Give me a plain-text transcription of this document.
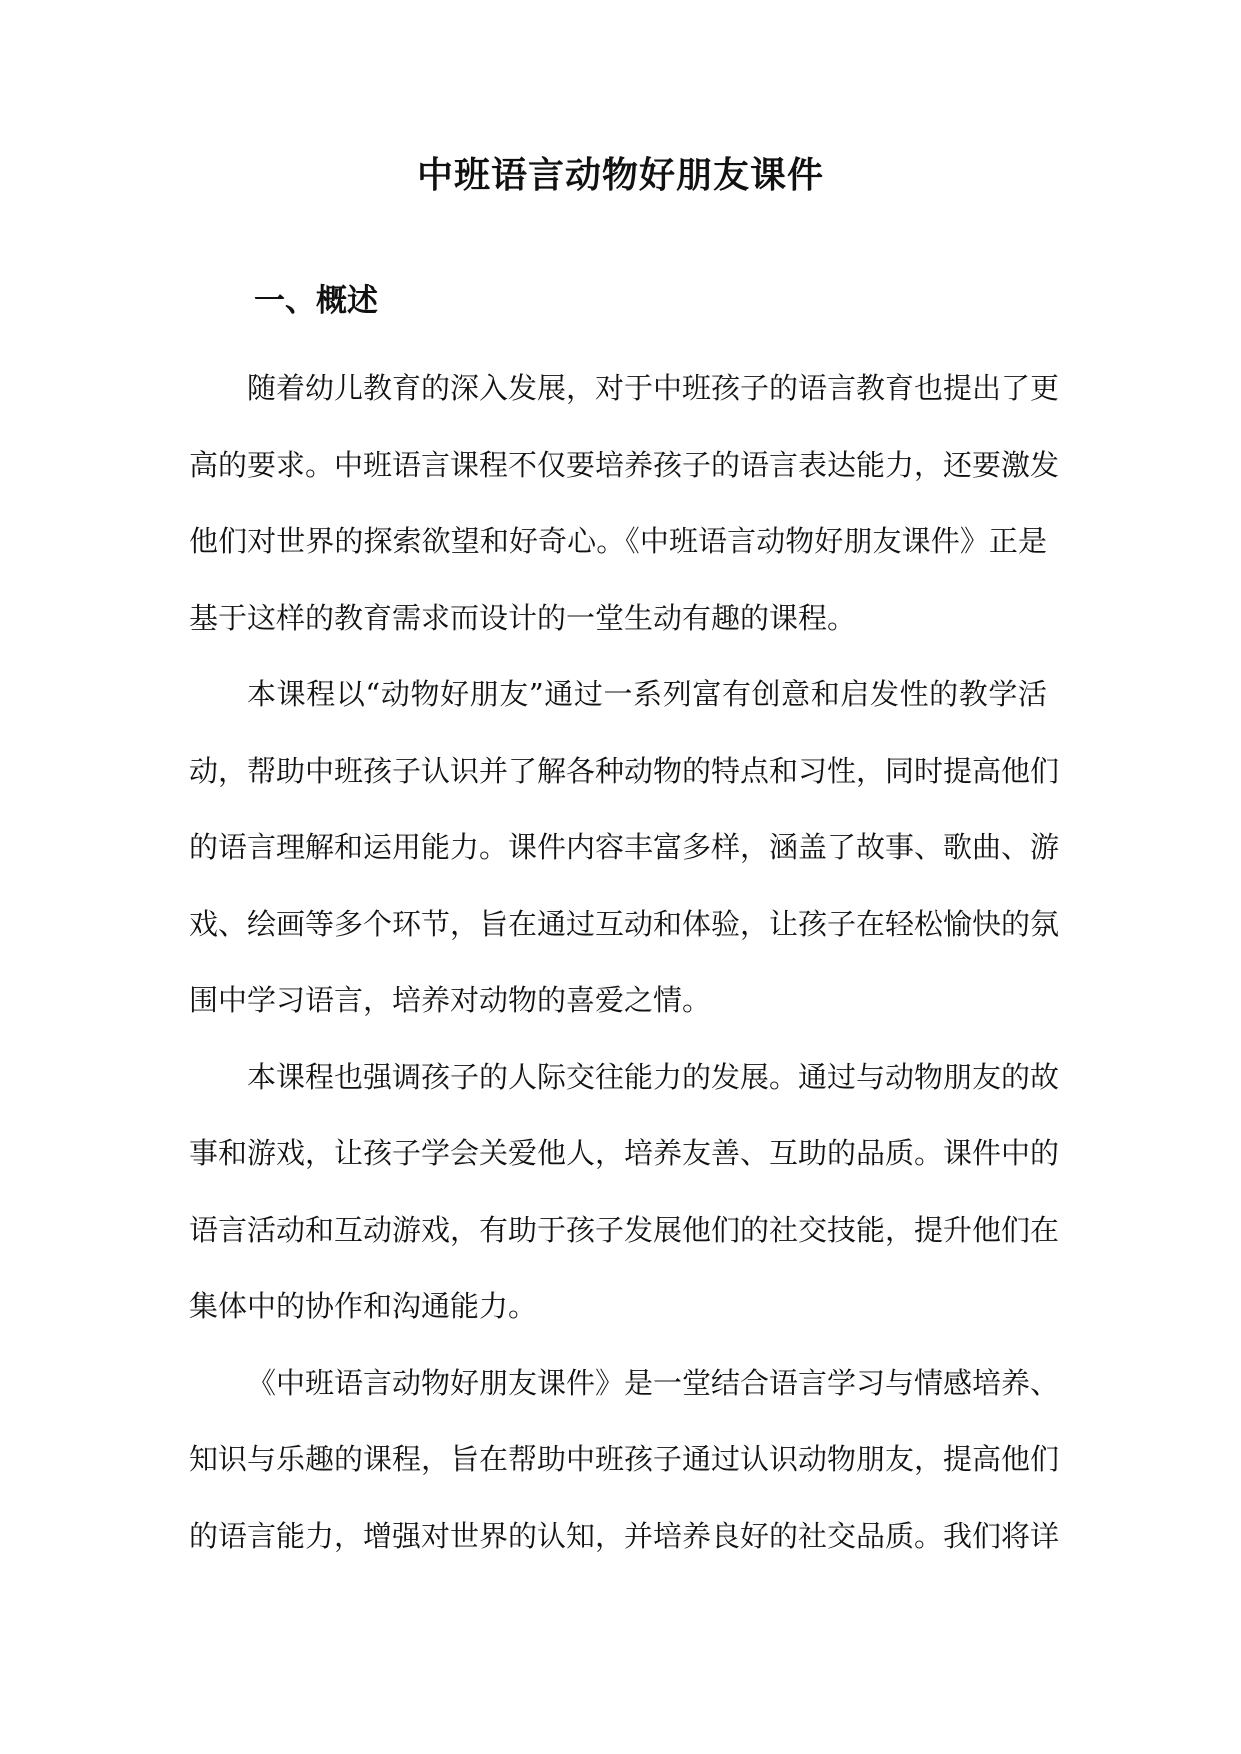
中班语言动物好朋友课件
一、概述
随着幼儿教育的深入发展，对于中班孩子的语言教育也提出了更
高的要求。中班语言课程不仅要培养孩子的语言表达能力，还要激发
他们对世界的探索欲望和好奇心。《中班语言动物好朋友课件》正是
基于这样的教育需求而设计的一堂生动有趣的课程。
本课程以“动物好朋友”通过一系列富有创意和启发性的教学活
动，帮助中班孩子认识并了解各种动物的特点和习性，同时提高他们
的语言理解和运用能力。课件内容丰富多样，涵盖了故事、歌曲、游
戏、绘画等多个环节，旨在通过互动和体验，让孩子在轻松愉快的氛
围中学习语言，培养对动物的喜爱之情。
本课程也强调孩子的人际交往能力的发展。通过与动物朋友的故
事和游戏，让孩子学会关爱他人，培养友善、互助的品质。课件中的
语言活动和互动游戏，有助于孩子发展他们的社交技能，提升他们在
集体中的协作和沟通能力。
《中班语言动物好朋友课件》是一堂结合语言学习与情感培养、
知识与乐趣的课程，旨在帮助中班孩子通过认识动物朋友，提高他们
的语言能力，增强对世界的认知，并培养良好的社交品质。我们将详
